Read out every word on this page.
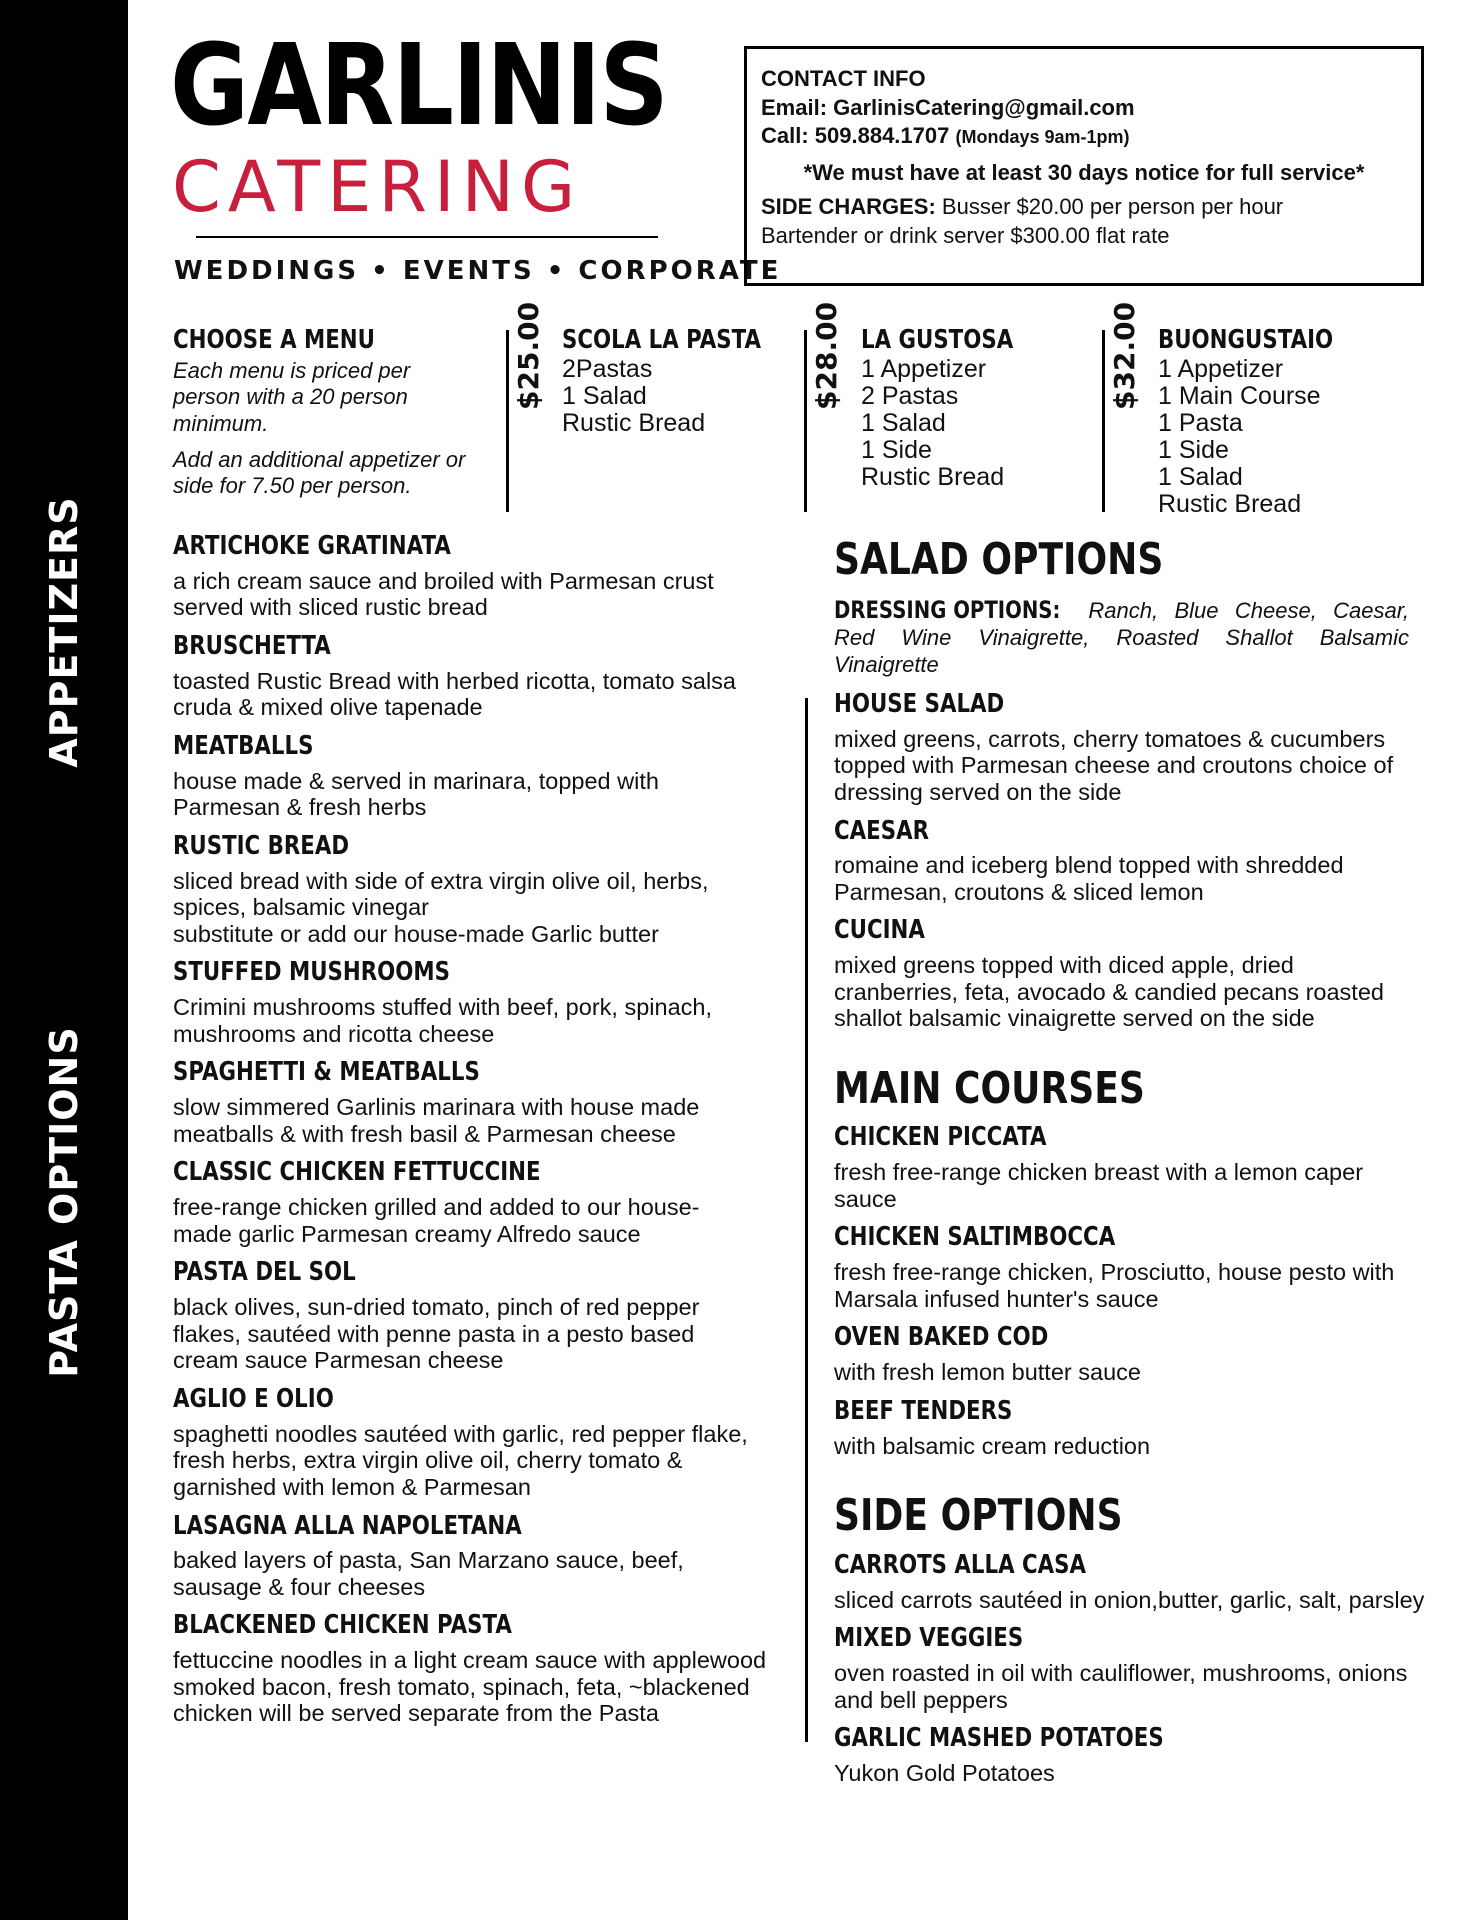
APPETIZERS
PASTA OPTIONS
GARLINIS
CATERING
WEDDINGS • EVENTS • CORPORATE
CONTACT INFO
Email: GarlinisCatering@gmail.com
Call: 509.884.1707 (Mondays 9am-1pm)
*We must have at least 30 days notice for full service*
SIDE CHARGES: Busser $20.00 per person per hour
Bartender or drink server $300.00 flat rate
CHOOSE A MENU
Each menu is priced per person with a 20 person minimum.
Add an additional appetizer or side for 7.50 per person.
$25.00 SCOLA LA PASTA
2Pastas
1 Salad
Rustic Bread
$28.00 LA GUSTOSA
1 Appetizer
2 Pastas
1 Salad
1 Side
Rustic Bread
$32.00 BUONGUSTAIO
1 Appetizer
1 Main Course
1 Pasta
1 Side
1 Salad
Rustic Bread
ARTICHOKE GRATINATA
a rich cream sauce and broiled with Parmesan crust served with sliced rustic bread
BRUSCHETTA
toasted Rustic Bread with herbed ricotta, tomato salsa cruda & mixed olive tapenade
MEATBALLS
house made & served in marinara, topped with Parmesan & fresh herbs
RUSTIC BREAD
sliced bread with side of extra virgin olive oil, herbs, spices, balsamic vinegar
substitute or add our house-made Garlic butter
STUFFED MUSHROOMS
Crimini mushrooms stuffed with beef, pork, spinach, mushrooms and ricotta cheese
SPAGHETTI & MEATBALLS
slow simmered Garlinis marinara with house made meatballs & with fresh basil & Parmesan cheese
CLASSIC CHICKEN FETTUCCINE
free-range chicken grilled and added to our house-made garlic Parmesan creamy Alfredo sauce
PASTA DEL SOL
black olives, sun-dried tomato, pinch of red pepper flakes, sautéed with penne pasta in a pesto based cream sauce Parmesan cheese
AGLIO E OLIO
spaghetti noodles sautéed with garlic, red pepper flake, fresh herbs, extra virgin olive oil, cherry tomato & garnished with lemon & Parmesan
LASAGNA ALLA NAPOLETANA
baked layers of pasta, San Marzano sauce, beef, sausage & four cheeses
BLACKENED CHICKEN PASTA
fettuccine noodles in a light cream sauce with applewood smoked bacon, fresh tomato, spinach, feta, ~blackened chicken will be served separate from the Pasta
SALAD OPTIONS
DRESSING OPTIONS: Ranch, Blue Cheese, Caesar, Red Wine Vinaigrette, Roasted Shallot Balsamic Vinaigrette
HOUSE SALAD
mixed greens, carrots, cherry tomatoes & cucumbers topped with Parmesan cheese and croutons choice of dressing served on the side
CAESAR
romaine and iceberg blend topped with shredded Parmesan, croutons & sliced lemon
CUCINA
mixed greens topped with diced apple, dried cranberries, feta, avocado & candied pecans roasted shallot balsamic vinaigrette served on the side
MAIN COURSES
CHICKEN PICCATA
fresh free-range chicken breast with a lemon caper sauce
CHICKEN SALTIMBOCCA
fresh free-range chicken, Prosciutto, house pesto with Marsala infused hunter's sauce
OVEN BAKED COD
with fresh lemon butter sauce
BEEF TENDERS
with balsamic cream reduction
SIDE OPTIONS
CARROTS ALLA CASA
sliced carrots sautéed in onion,butter, garlic, salt, parsley
MIXED VEGGIES
oven roasted in oil with cauliflower, mushrooms, onions and bell peppers
GARLIC MASHED POTATOES
Yukon Gold Potatoes
